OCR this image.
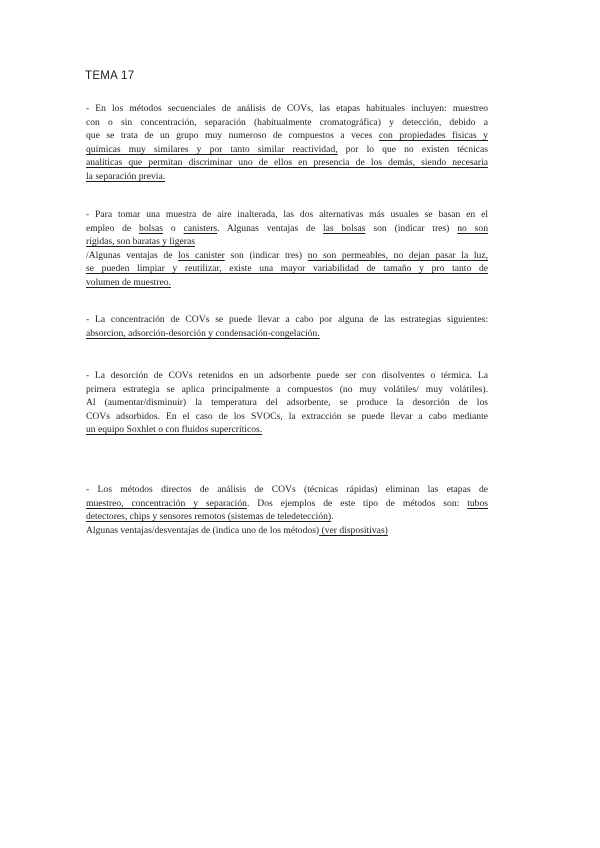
TEMA 17
- En los métodos secuenciales de análisis de COVs, las etapas habituales incluyen: muestreo
con o sin concentración, separación (habitualmente cromatográfica) y detección, debido a
que se trata de un grupo muy numeroso de compuestos a veces con propiedades físicas y
químicas muy similares y por tanto similar reactividad, por lo que no existen técnicas
analíticas que permitan discriminar uno de ellos en presencia de los demás, siendo necesaria
la separación previa.
- Para tomar una muestra de aire inalterada, las dos alternativas más usuales se basan en el
empleo de bolsas o canisters. Algunas ventajas de las bolsas son (indicar tres) no son
rígidas, son baratas y ligeras
/Algunas ventajas de los canister son (indicar tres) no son permeables, no dejan pasar la luz,
se pueden limpiar y reutilizar, existe una mayor variabilidad de tamaño y pro tanto de
volumen de muestreo.
- La concentración de COVs se puede llevar a cabo por alguna de las estrategias siguientes:
absorcion, adsorción-desorción y condensación-congelación.
- La desorción de COVs retenidos en un adsorbente puede ser con disolventes o térmica. La
primera estrategia se aplica principalmente a compuestos (no muy volátiles/ muy volátiles).
Al (aumentar/disminuir) la temperatura del adsorbente, se produce la desorción de los
COVs adsorbidos. En el caso de los SVOCs, la extracción se puede llevar a cabo mediante
un equipo Soxhlet o con fluidos supercríticos.
- Los métodos directos de análisis de COVs (técnicas rápidas) eliminan las etapas de
muestreo, concentración y separación. Dos ejemplos de este tipo de métodos son: tubos
detectores, chips y sensores remotos (sistemas de teledetección).
Algunas ventajas/desventajas de (indica uno de los métodos) (ver dispositivas)
